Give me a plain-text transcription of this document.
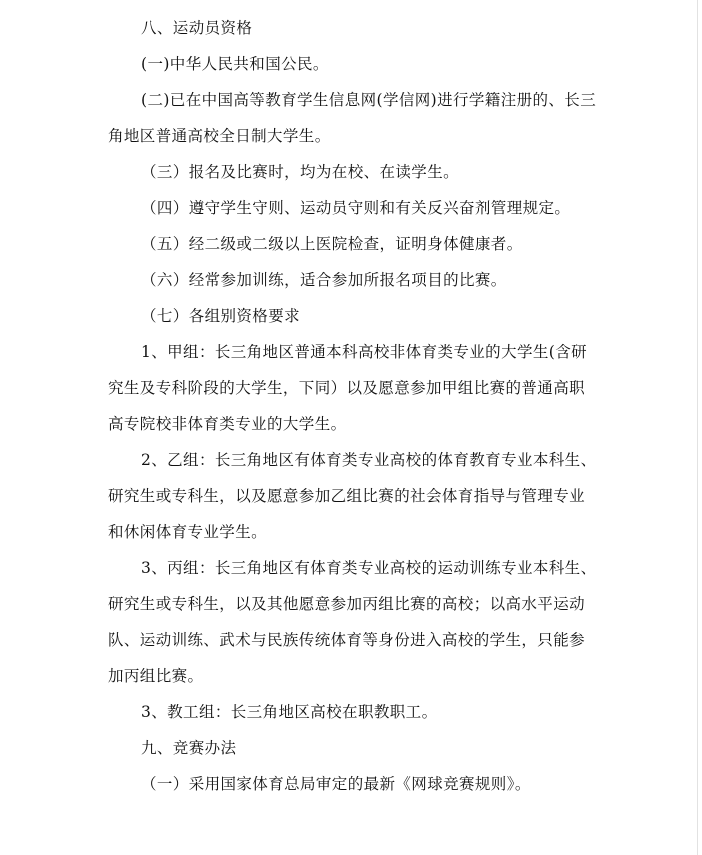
八、运动员资格

(一)中华人民共和国公民。

(二)已在中国高等教育学生信息网(学信网)进行学籍注册的、长三角地区普通高校全日制大学生。

（三）报名及比赛时，均为在校、在读学生。

（四）遵守学生守则、运动员守则和有关反兴奋剂管理规定。

（五）经二级或二级以上医院检查，证明身体健康者。

（六）经常参加训练，适合参加所报名项目的比赛。

（七）各组别资格要求

1、甲组：长三角地区普通本科高校非体育类专业的大学生(含研究生及专科阶段的大学生，下同）以及愿意参加甲组比赛的普通高职高专院校非体育类专业的大学生。

2、乙组：长三角地区有体育类专业高校的体育教育专业本科生、研究生或专科生，以及愿意参加乙组比赛的社会体育指导与管理专业和休闲体育专业学生。

3、丙组：长三角地区有体育类专业高校的运动训练专业本科生、研究生或专科生，以及其他愿意参加丙组比赛的高校；以高水平运动队、运动训练、武术与民族传统体育等身份进入高校的学生，只能参加丙组比赛。

3、教工组：长三角地区高校在职教职工。

九、竞赛办法

（一）采用国家体育总局审定的最新《网球竞赛规则》。
